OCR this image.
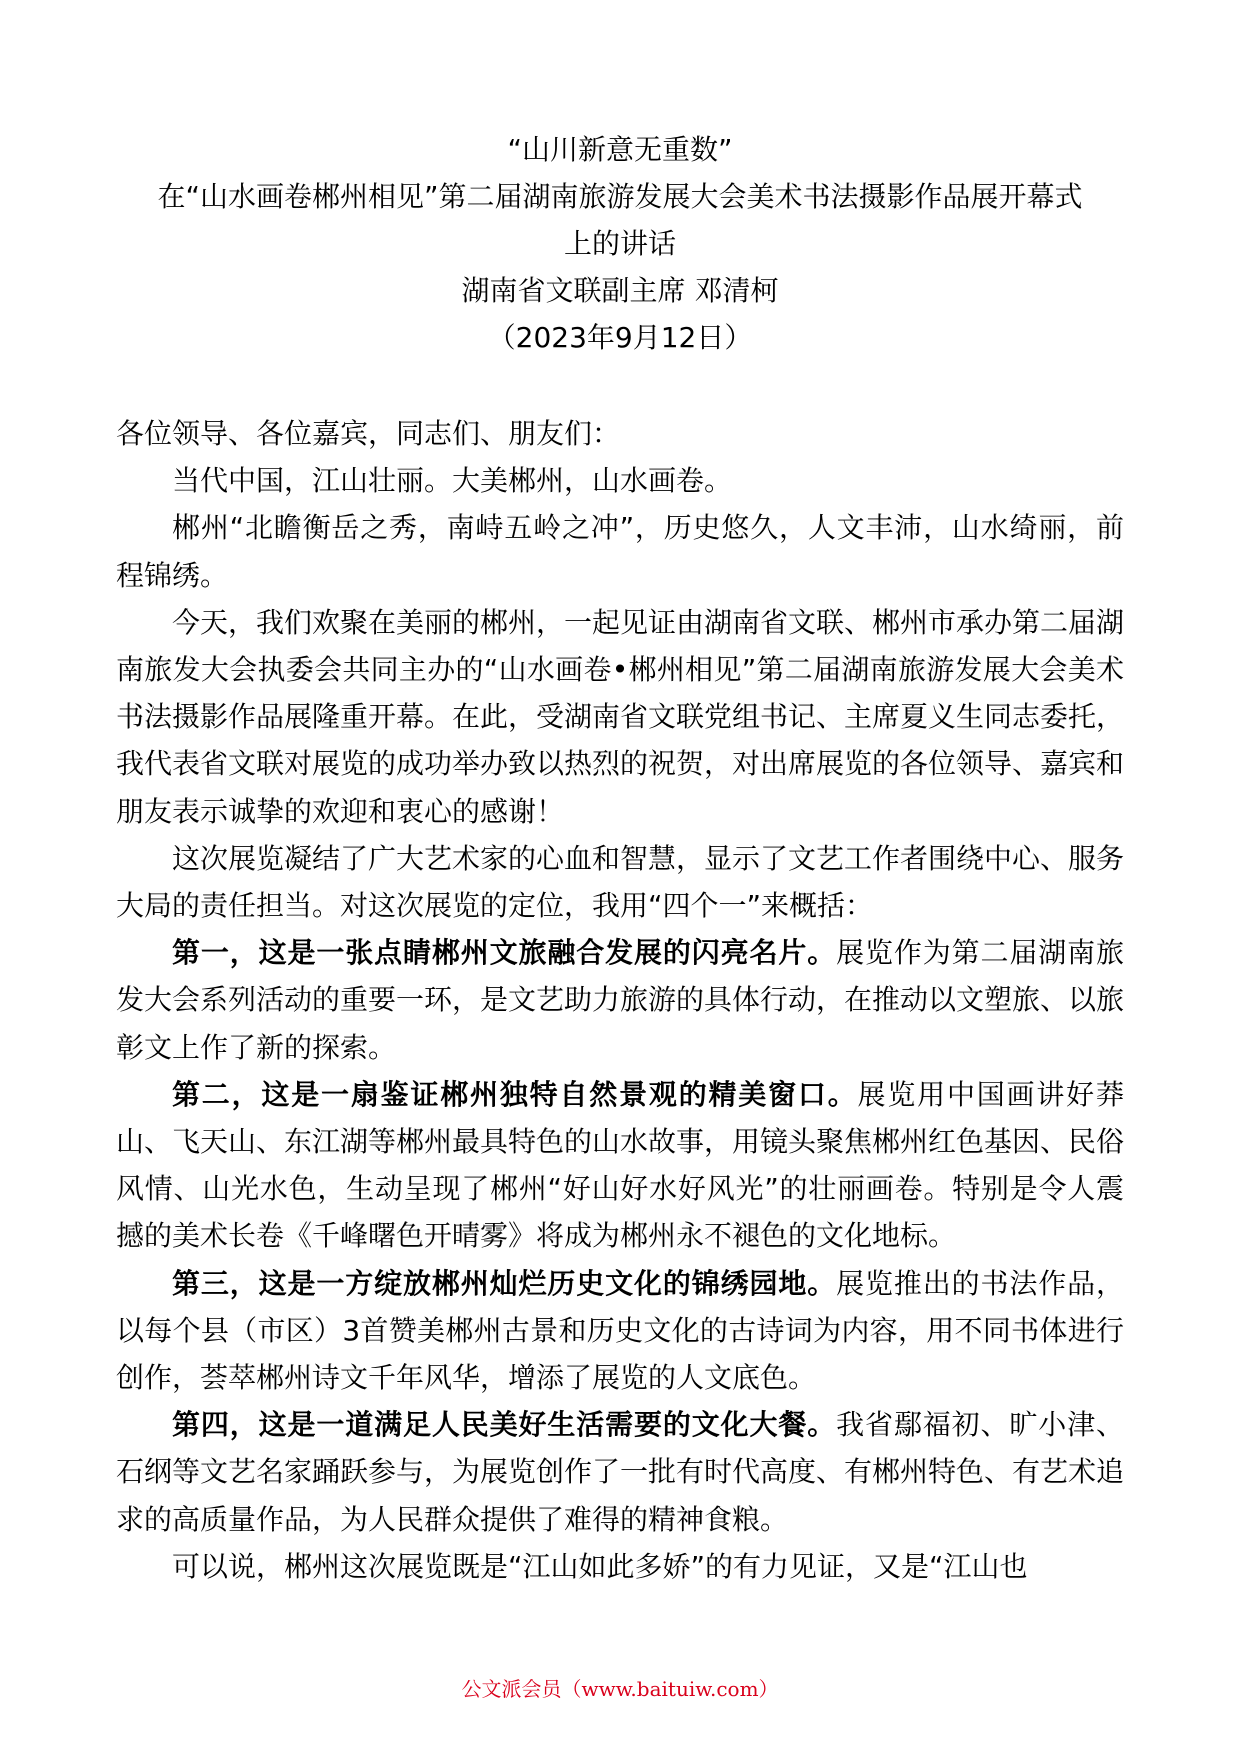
“山川新意无重数”
在“山水画卷郴州相见”第二届湖南旅游发展大会美术书法摄影作品展开幕式
上的讲话
湖南省文联副主席 邓清柯
（2023年9月12日）

各位领导、各位嘉宾，同志们、朋友们：

当代中国，江山壮丽。大美郴州，山水画卷。

郴州“北瞻衡岳之秀，南峙五岭之冲”，历史悠久，人文丰沛，山水绮丽，前程锦绣。

今天，我们欢聚在美丽的郴州，一起见证由湖南省文联、郴州市承办第二届湖南旅发大会执委会共同主办的“山水画卷•郴州相见”第二届湖南旅游发展大会美术书法摄影作品展隆重开幕。在此，受湖南省文联党组书记、主席夏义生同志委托，我代表省文联对展览的成功举办致以热烈的祝贺，对出席展览的各位领导、嘉宾和朋友表示诚挚的欢迎和衷心的感谢！

这次展览凝结了广大艺术家的心血和智慧，显示了文艺工作者围绕中心、服务大局的责任担当。对这次展览的定位，我用“四个一”来概括：

第一，这是一张点睛郴州文旅融合发展的闪亮名片。展览作为第二届湖南旅发大会系列活动的重要一环，是文艺助力旅游的具体行动，在推动以文塑旅、以旅彰文上作了新的探索。

第二，这是一扇鉴证郴州独特自然景观的精美窗口。展览用中国画讲好莽山、飞天山、东江湖等郴州最具特色的山水故事，用镜头聚焦郴州红色基因、民俗风情、山光水色，生动呈现了郴州“好山好水好风光”的壮丽画卷。特别是令人震撼的美术长卷《千峰曙色开晴雾》将成为郴州永不褪色的文化地标。

第三，这是一方绽放郴州灿烂历史文化的锦绣园地。展览推出的书法作品，以每个县（市区）3首赞美郴州古景和历史文化的古诗词为内容，用不同书体进行创作，荟萃郴州诗文千年风华，增添了展览的人文底色。

第四，这是一道满足人民美好生活需要的文化大餐。我省鄢福初、旷小津、石纲等文艺名家踊跃参与，为展览创作了一批有时代高度、有郴州特色、有艺术追求的高质量作品，为人民群众提供了难得的精神食粮。

可以说，郴州这次展览既是“江山如此多娇”的有力见证，又是“江山也

公文派会员（www.baituiw.com）
